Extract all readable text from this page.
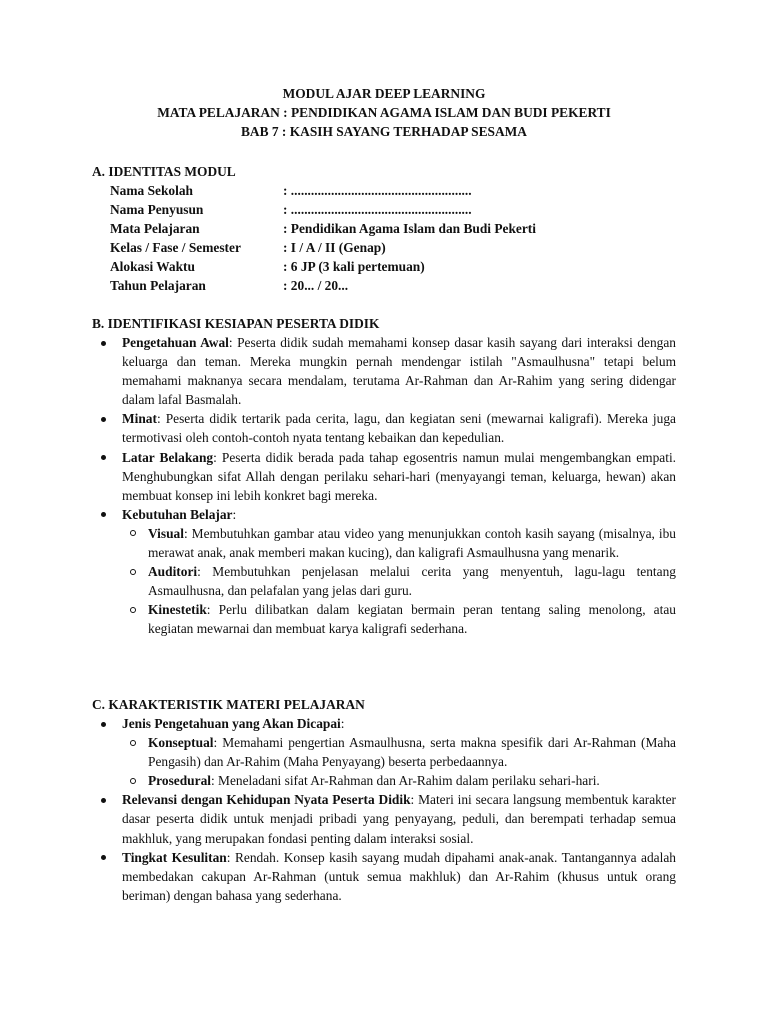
MODUL AJAR DEEP LEARNING
MATA PELAJARAN : PENDIDIKAN AGAMA ISLAM DAN BUDI PEKERTI
BAB 7 : KASIH SAYANG TERHADAP SESAMA
A. IDENTITAS MODUL
Nama Sekolah	: ......................................................
Nama Penyusun	: ......................................................
Mata Pelajaran	: Pendidikan Agama Islam dan Budi Pekerti
Kelas / Fase / Semester	: I / A / II (Genap)
Alokasi Waktu	: 6 JP (3 kali pertemuan)
Tahun Pelajaran	: 20... / 20...
B. IDENTIFIKASI KESIAPAN PESERTA DIDIK
Pengetahuan Awal: Peserta didik sudah memahami konsep dasar kasih sayang dari interaksi dengan keluarga dan teman. Mereka mungkin pernah mendengar istilah "Asmaulhusna" tetapi belum memahami maknanya secara mendalam, terutama Ar-Rahman dan Ar-Rahim yang sering didengar dalam lafal Basmalah.
Minat: Peserta didik tertarik pada cerita, lagu, dan kegiatan seni (mewarnai kaligrafi). Mereka juga termotivasi oleh contoh-contoh nyata tentang kebaikan dan kepedulian.
Latar Belakang: Peserta didik berada pada tahap egosentris namun mulai mengembangkan empati. Menghubungkan sifat Allah dengan perilaku sehari-hari (menyayangi teman, keluarga, hewan) akan membuat konsep ini lebih konkret bagi mereka.
Kebutuhan Belajar:
Visual: Membutuhkan gambar atau video yang menunjukkan contoh kasih sayang (misalnya, ibu merawat anak, anak memberi makan kucing), dan kaligrafi Asmaulhusna yang menarik.
Auditori: Membutuhkan penjelasan melalui cerita yang menyentuh, lagu-lagu tentang Asmaulhusna, dan pelafalan yang jelas dari guru.
Kinestetik: Perlu dilibatkan dalam kegiatan bermain peran tentang saling menolong, atau kegiatan mewarnai dan membuat karya kaligrafi sederhana.
C. KARAKTERISTIK MATERI PELAJARAN
Jenis Pengetahuan yang Akan Dicapai:
Konseptual: Memahami pengertian Asmaulhusna, serta makna spesifik dari Ar-Rahman (Maha Pengasih) dan Ar-Rahim (Maha Penyayang) beserta perbedaannya.
Prosedural: Meneladani sifat Ar-Rahman dan Ar-Rahim dalam perilaku sehari-hari.
Relevansi dengan Kehidupan Nyata Peserta Didik: Materi ini secara langsung membentuk karakter dasar peserta didik untuk menjadi pribadi yang penyayang, peduli, dan berempati terhadap semua makhluk, yang merupakan fondasi penting dalam interaksi sosial.
Tingkat Kesulitan: Rendah. Konsep kasih sayang mudah dipahami anak-anak. Tantangannya adalah membedakan cakupan Ar-Rahman (untuk semua makhluk) dan Ar-Rahim (khusus untuk orang beriman) dengan bahasa yang sederhana.
